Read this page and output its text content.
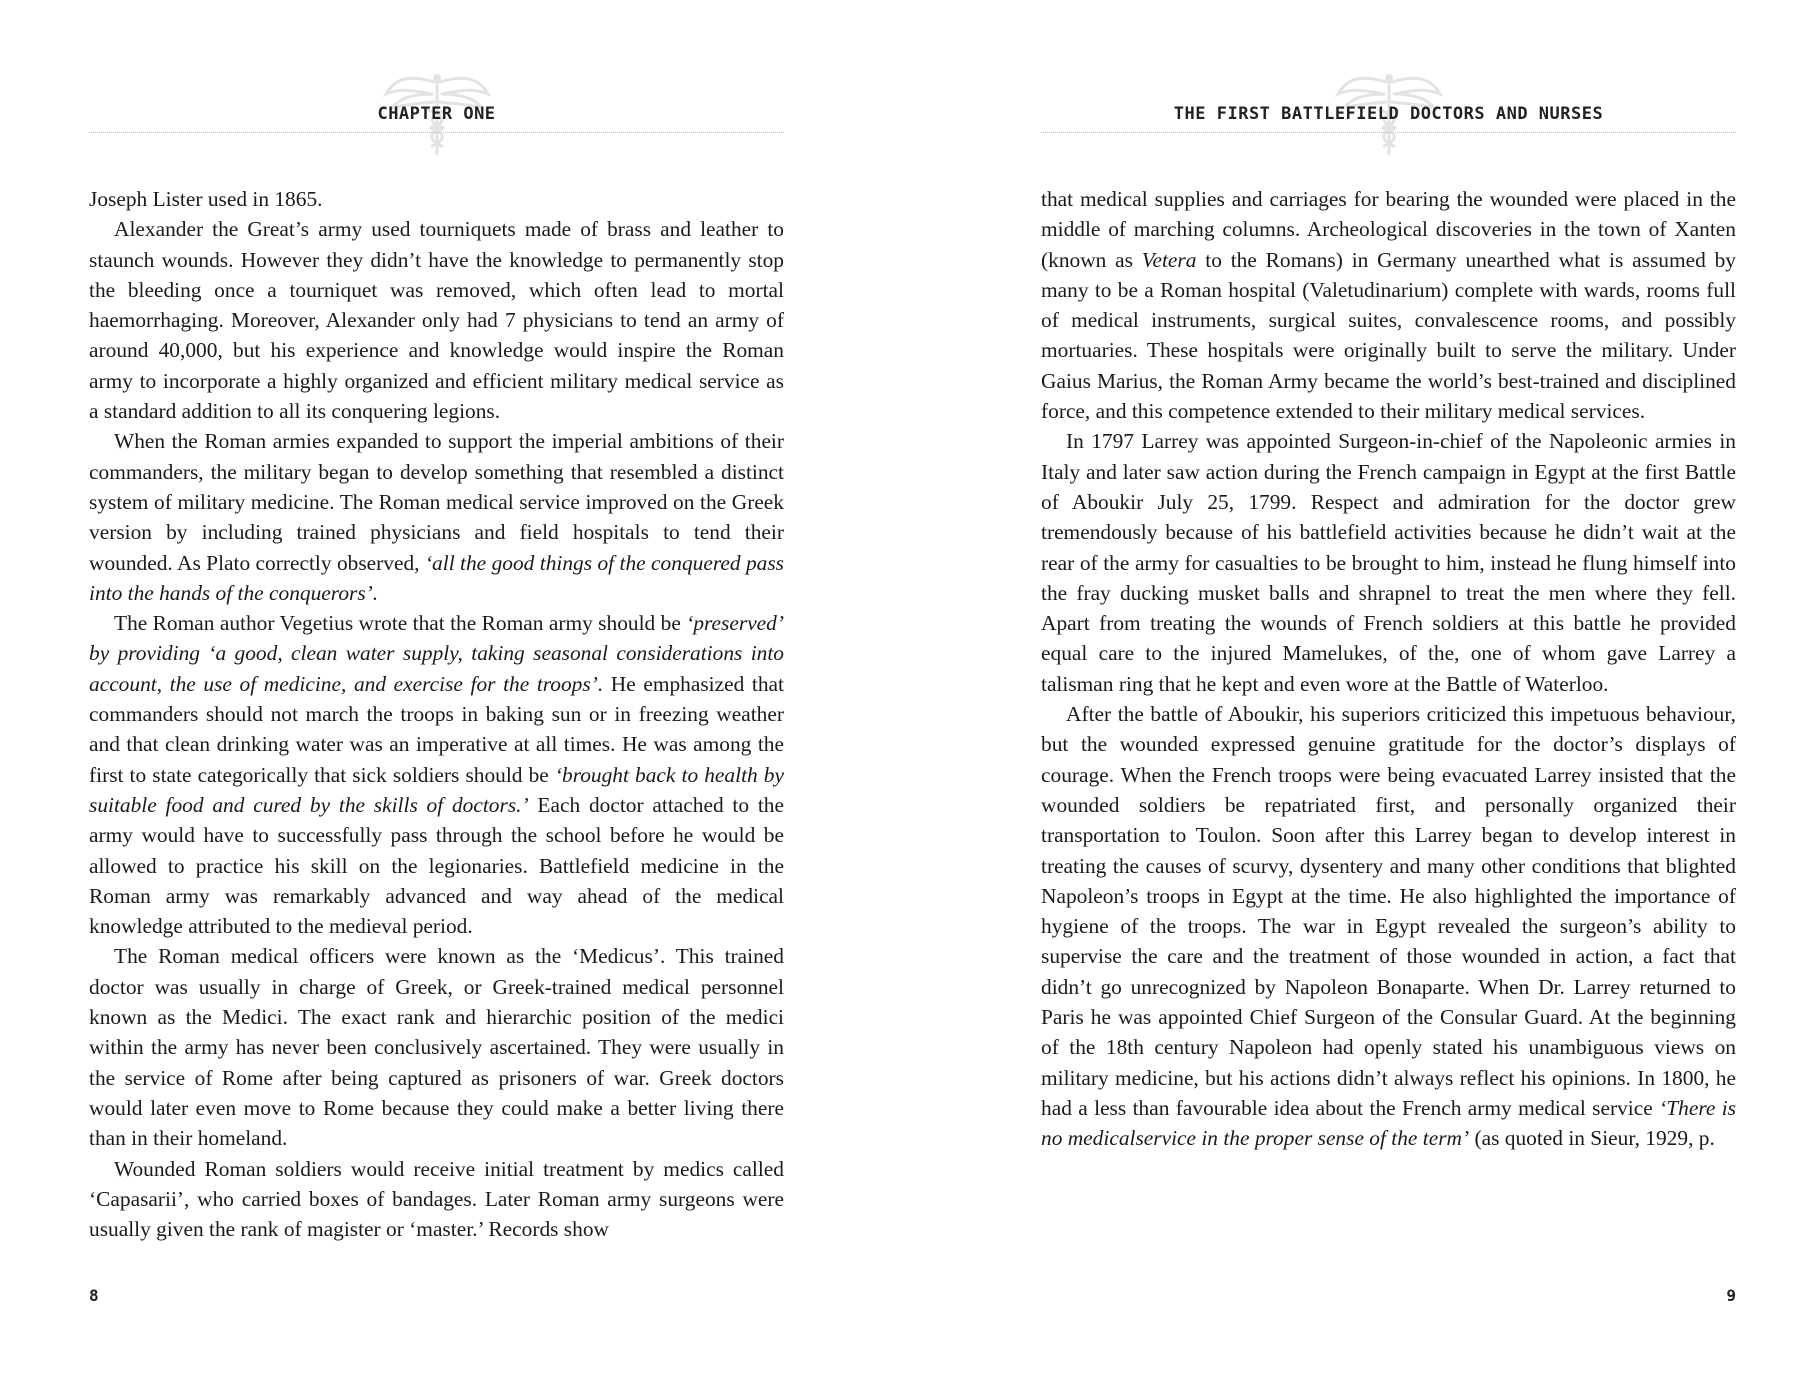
CHAPTER ONE

Joseph Lister used in 1865.

Alexander the Great’s army used tourniquets made of brass and leather to staunch wounds. However they didn’t have the knowledge to permanently stop the bleeding once a tourniquet was removed, which often lead to mortal haemorrhaging. Moreover, Alexander only had 7 physicians to tend an army of around 40,000, but his experience and knowledge would inspire the Roman army to incorporate a highly organized and efficient military medical service as a standard addition to all its conquering legions.

When the Roman armies expanded to support the imperial ambitions of their commanders, the military began to develop something that resembled a distinct system of military medicine. The Roman medical service improved on the Greek version by including trained physicians and field hospitals to tend their wounded. As Plato correctly observed, ‘all the good things of the conquered pass into the hands of the conquerors’.

The Roman author Vegetius wrote that the Roman army should be ‘preserved’ by providing ‘a good, clean water supply, taking seasonal considerations into account, the use of medicine, and exercise for the troops’. He emphasized that commanders should not march the troops in baking sun or in freezing weather and that clean drinking water was an imperative at all times. He was among the first to state categorically that sick soldiers should be ‘brought back to health by suitable food and cured by the skills of doctors.’ Each doctor attached to the army would have to successfully pass through the school before he would be allowed to practice his skill on the legionaries. Battlefield medicine in the Roman army was remarkably advanced and way ahead of the medical knowledge attributed to the medieval period.

The Roman medical officers were known as the ‘Medicus’. This trained doctor was usually in charge of Greek, or Greek-trained medical personnel known as the Medici. The exact rank and hierarchic position of the medici within the army has never been conclusively ascertained. They were usually in the service of Rome after being captured as prisoners of war. Greek doctors would later even move to Rome because they could make a better living there than in their homeland.

Wounded Roman soldiers would receive initial treatment by medics called ‘Capasarii’, who carried boxes of bandages. Later Roman army surgeons were usually given the rank of magister or ‘master.’ Records show

8
THE FIRST BATTLEFIELD DOCTORS AND NURSES

that medical supplies and carriages for bearing the wounded were placed in the middle of marching columns. Archeological discoveries in the town of Xanten (known as Vetera to the Romans) in Germany unearthed what is assumed by many to be a Roman hospital (Valetudinarium) complete with wards, rooms full of medical instruments, surgical suites, convalescence rooms, and possibly mortuaries. These hospitals were originally built to serve the military. Under Gaius Marius, the Roman Army became the world’s best-trained and disciplined force, and this competence extended to their military medical services.

In 1797 Larrey was appointed Surgeon-in-chief of the Napoleonic armies in Italy and later saw action during the French campaign in Egypt at the first Battle of Aboukir July 25, 1799. Respect and admiration for the doctor grew tremendously because of his battlefield activities because he didn’t wait at the rear of the army for casualties to be brought to him, instead he flung himself into the fray ducking musket balls and shrapnel to treat the men where they fell. Apart from treating the wounds of French soldiers at this battle he provided equal care to the injured Mamelukes, of the, one of whom gave Larrey a talisman ring that he kept and even wore at the Battle of Waterloo.

After the battle of Aboukir, his superiors criticized this impetuous behaviour, but the wounded expressed genuine gratitude for the doctor’s displays of courage. When the French troops were being evacuated Larrey insisted that the wounded soldiers be repatriated first, and personally organized their transportation to Toulon. Soon after this Larrey began to develop interest in treating the causes of scurvy, dysentery and many other conditions that blighted Napoleon’s troops in Egypt at the time. He also highlighted the importance of hygiene of the troops. The war in Egypt revealed the surgeon’s ability to supervise the care and the treatment of those wounded in action, a fact that didn’t go unrecognized by Napoleon Bonaparte. When Dr. Larrey returned to Paris he was appointed Chief Surgeon of the Consular Guard. At the beginning of the 18th century Napoleon had openly stated his unambiguous views on military medicine, but his actions didn’t always reflect his opinions. In 1800, he had a less than favourable idea about the French army medical service ‘There is no medicalservice in the proper sense of the term’ (as quoted in Sieur, 1929, p.

9
